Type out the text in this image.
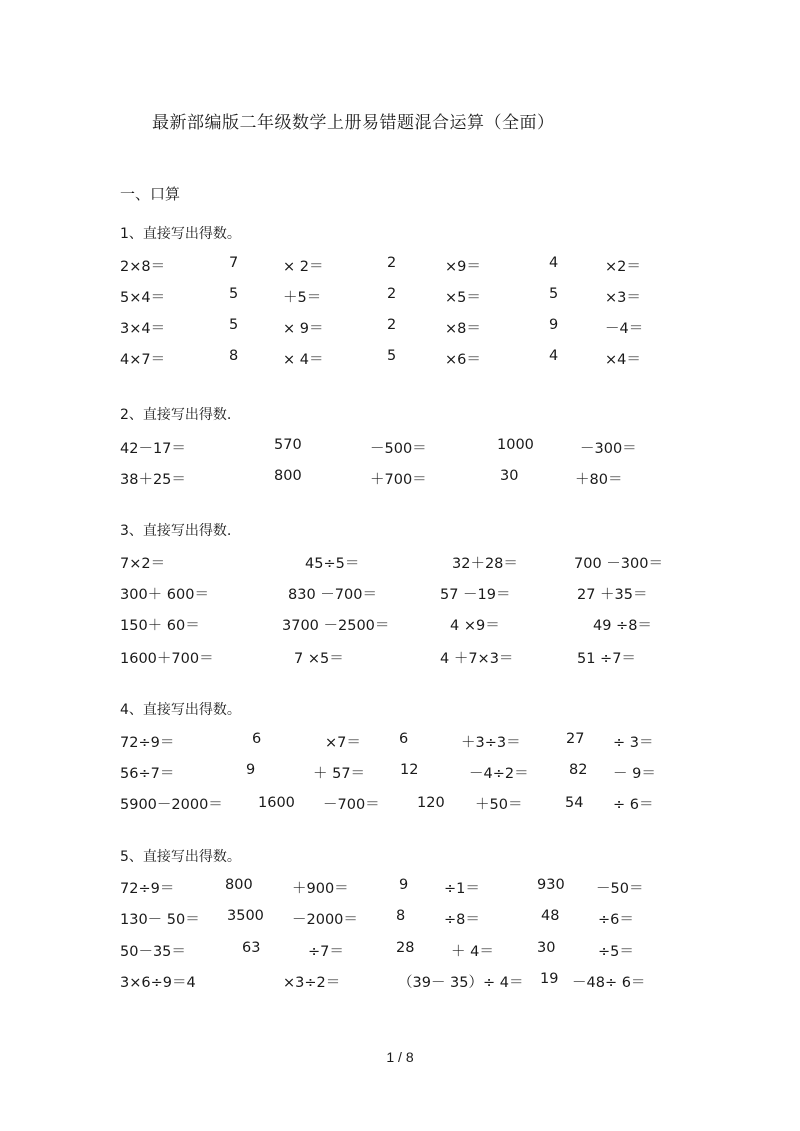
最新部编版二年级数学上册易错题混合运算（全面）
一、口算
1、直接写出得数。
2×8＝	7	× 2＝	2	×9＝	4	×2＝
5×4＝	5	＋5＝	2	×5＝	5	×3＝
3×4＝	5	× 9＝	2	×8＝	9	－4＝
4×7＝	8	× 4＝	5	×6＝	4	×4＝
2、直接写出得数.
42－17＝	570	－500＝	1000	－300＝
38＋25＝	800	＋700＝	30	＋80＝
3、直接写出得数.
7×2＝	45÷5＝	32＋28＝	700 －300＝
300＋ 600＝	830 －700＝	57 －19＝	27 ＋35＝
150＋ 60＝	3700 －2500＝	4 ×9＝	49 ÷8＝
1600＋700＝	7 ×5＝	4 ＋7×3＝	51 ÷7＝
4、直接写出得数。
72÷9＝	6	×7＝	6	＋3÷3＝	27 ÷ 3＝
56÷7＝	9	＋ 57＝ 12	－4÷2＝	82 － 9＝
5900－2000＝ 1600 －700＝	120 ＋50＝	54 ÷ 6＝
5、直接写出得数。
72÷9＝	800	＋900＝	9 ÷1＝	930 －50＝
130－ 50＝ 3500 －2000＝	8	÷8＝	48	÷6＝
50－35＝	63	÷7＝	28	＋ 4＝	30	÷5＝
3×6÷9＝4	×3÷2＝	（39－ 35）÷ 4＝ 19 －48÷ 6＝
1 / 8
